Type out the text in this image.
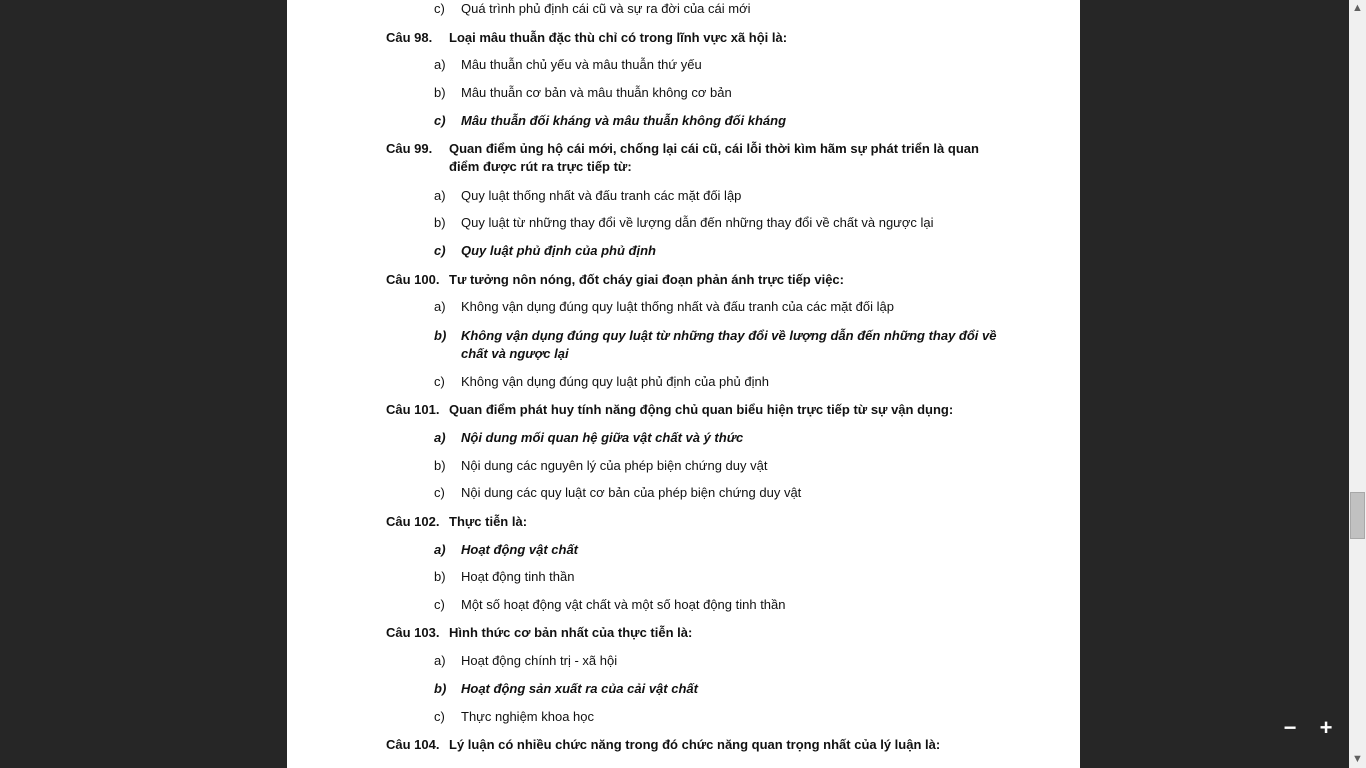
c) Quá trình phủ định cái cũ và sự ra đời của cái mới
Câu 98. Loại mâu thuẫn đặc thù chỉ có trong lĩnh vực xã hội là:
a) Mâu thuẫn chủ yếu và mâu thuẫn thứ yếu
b) Mâu thuẫn cơ bản và mâu thuẫn không cơ bản
c) Mâu thuẫn đối kháng và mâu thuẫn không đối kháng
Câu 99. Quan điểm ủng hộ cái mới, chống lại cái cũ, cái lỗi thời kìm hãm sự phát triển là quan
điểm được rút ra trực tiếp từ:
a) Quy luật thống nhất và đấu tranh các mặt đối lập
b) Quy luật từ những thay đổi về lượng dẫn đến những thay đổi về chất và ngược lại
c) Quy luật phủ định của phủ định
Câu 100. Tư tưởng nôn nóng, đốt cháy giai đoạn phản ánh trực tiếp việc:
a) Không vận dụng đúng quy luật thống nhất và đấu tranh của các mặt đối lập
b) Không vận dụng đúng quy luật từ những thay đổi về lượng dẫn đến những thay đổi về
chất và ngược lại
c) Không vận dụng đúng quy luật phủ định của phủ định
Câu 101. Quan điểm phát huy tính năng động chủ quan biểu hiện trực tiếp từ sự vận dụng:
a) Nội dung mối quan hệ giữa vật chất và ý thức
b) Nội dung các nguyên lý của phép biện chứng duy vật
c) Nội dung các quy luật cơ bản của phép biện chứng duy vật
Câu 102. Thực tiễn là:
a) Hoạt động vật chất
b) Hoạt động tinh thần
c) Một số hoạt động vật chất và một số hoạt động tinh thần
Câu 103. Hình thức cơ bản nhất của thực tiễn là:
a) Hoạt động chính trị - xã hội
b) Hoạt động sản xuất ra của cải vật chất
c) Thực nghiệm khoa học
Câu 104. Lý luận có nhiều chức năng trong đó chức năng quan trọng nhất của lý luận là:
− +
▲
▼
